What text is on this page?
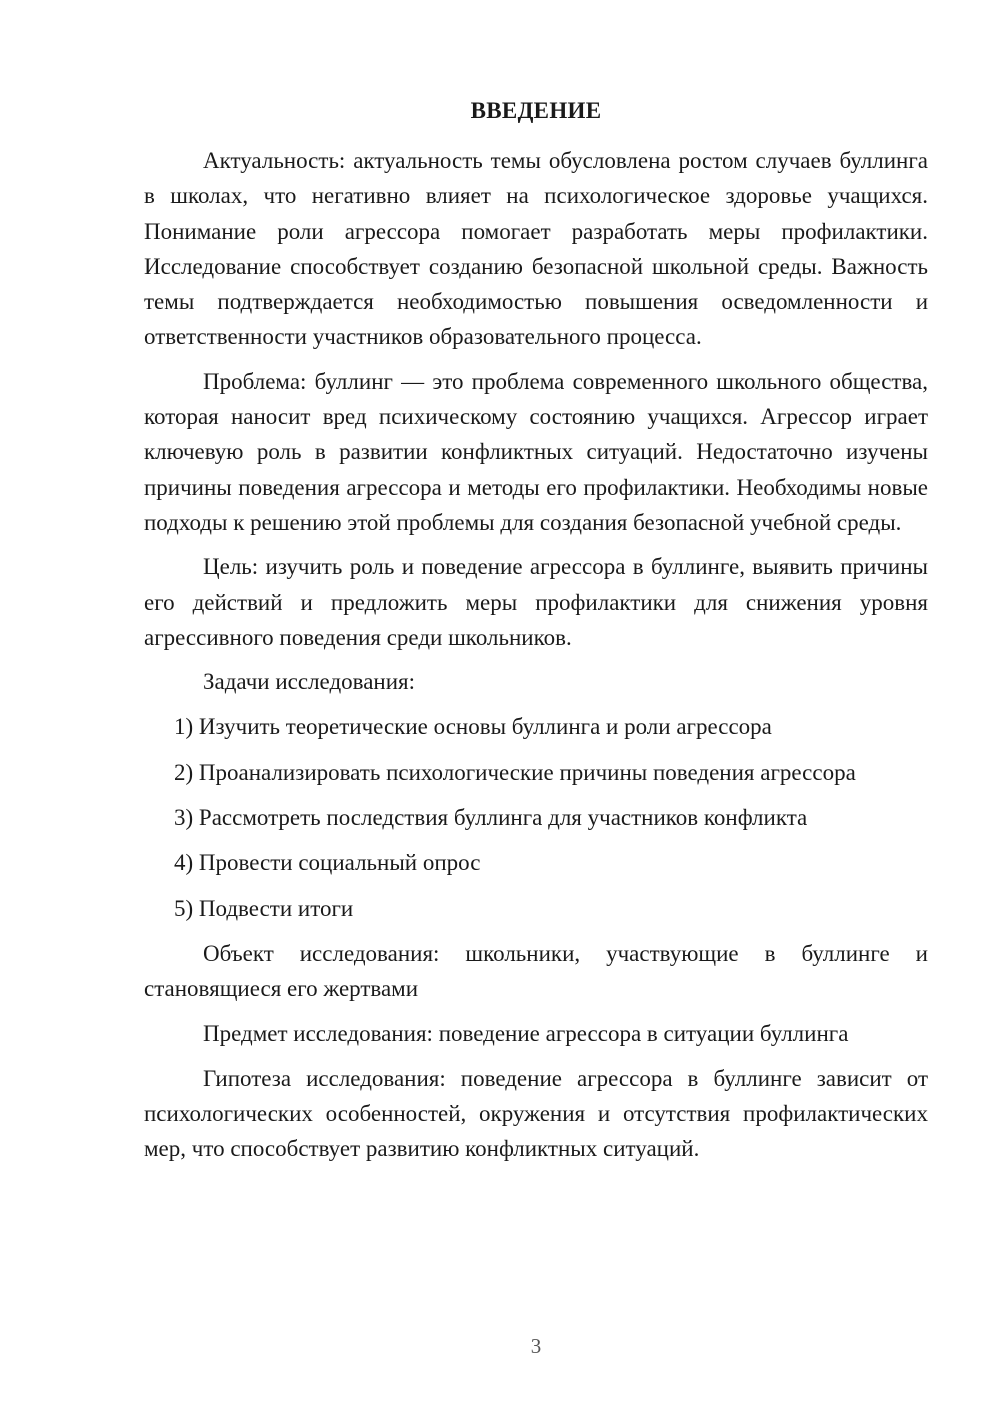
ВВЕДЕНИЕ

Актуальность: актуальность темы обусловлена ростом случаев буллинга в школах, что негативно влияет на психологическое здоровье учащихся. Понимание роли агрессора помогает разработать меры профилактики. Исследование способствует созданию безопасной школьной среды. Важность темы подтверждается необходимостью повышения осведомленности и ответственности участников образовательного процесса.

Проблема: буллинг — это проблема современного школьного общества, которая наносит вред психическому состоянию учащихся. Агрессор играет ключевую роль в развитии конфликтных ситуаций. Недостаточно изучены причины поведения агрессора и методы его профилактики. Необходимы новые подходы к решению этой проблемы для создания безопасной учебной среды.

Цель: изучить роль и поведение агрессора в буллинге, выявить причины его действий и предложить меры профилактики для снижения уровня агрессивного поведения среди школьников.

Задачи исследования:

1) Изучить теоретические основы буллинга и роли агрессора

2) Проанализировать психологические причины поведения агрессора

3) Рассмотреть последствия буллинга для участников конфликта

4) Провести социальный опрос

5) Подвести итоги

Объект исследования: школьники, участвующие в буллинге и становящиеся его жертвами

Предмет исследования: поведение агрессора в ситуации буллинга

Гипотеза исследования: поведение агрессора в буллинге зависит от психологических особенностей, окружения и отсутствия профилактических мер, что способствует развитию конфликтных ситуаций.

3
